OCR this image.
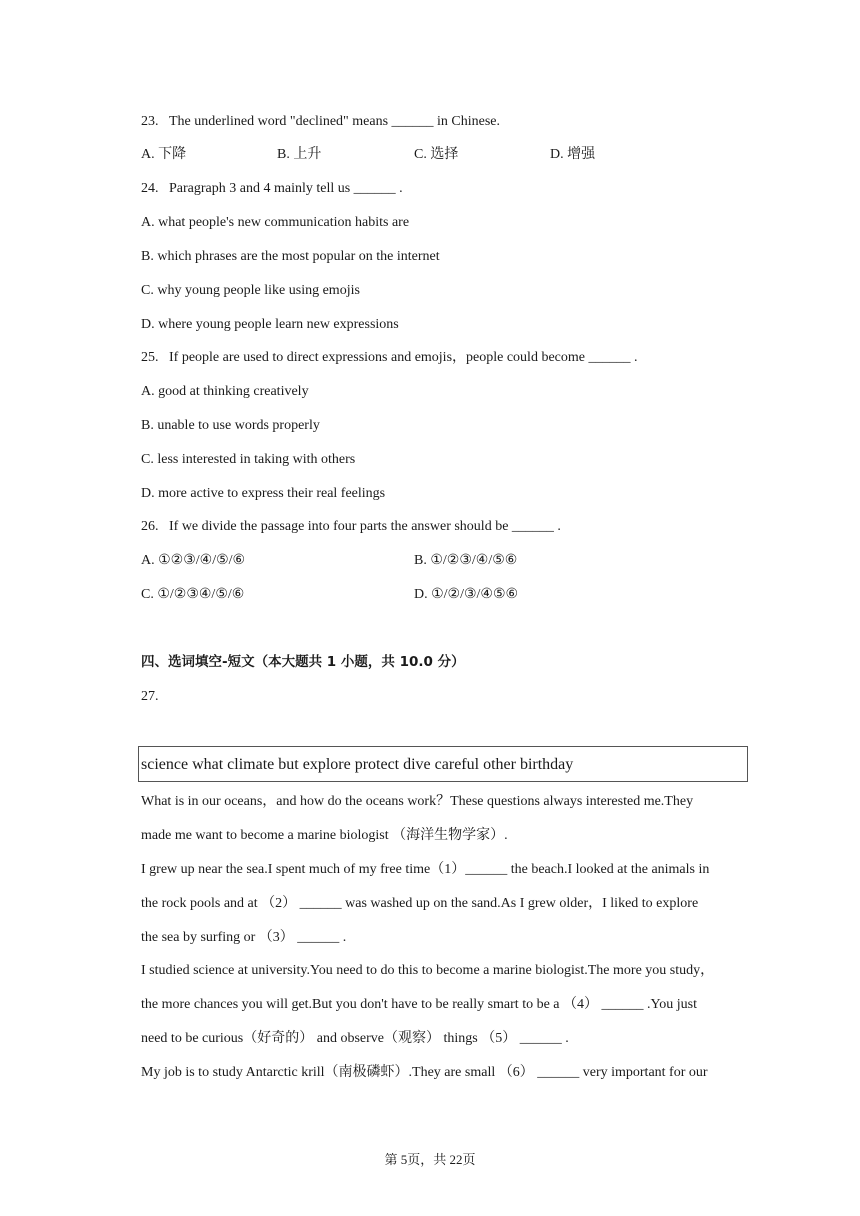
23.   The underlined word "declined" means ______ in Chinese.
A. 下降	B. 上升	C. 选择	D. 增强
24.   Paragraph 3 and 4 mainly tell us ______ .
A. what people's new communication habits are
B. which phrases are the most popular on the internet
C. why young people like using emojis
D. where young people learn new expressions
25.   If people are used to direct expressions and emojis，people could become ______ .
A. good at thinking creatively
B. unable to use words properly
C. less interested in taking with others
D. more active to express their real feelings
26.   If we divide the passage into four parts the answer should be ______ .
A. ①②③/④/⑤/⑥	B. ①/②③/④/⑤⑥
C. ①/②③④/⑤/⑥	D. ①/②/③/④⑤⑥
四、选词填空-短文（本大题共 1 小题，共 10.0 分）
27.
science what climate but explore protect dive careful other birthday
What is in our oceans，and how do the oceans work？These questions always interested me.They
made me want to become a marine biologist （海洋生物学家）.
I grew up near the sea.I spent much of my free time（1）______ the beach.I looked at the animals in
the rock pools and at （2） ______ was washed up on the sand.As I grew older，I liked to explore
the sea by surfing or （3） ______ .
I studied science at university.You need to do this to become a marine biologist.The more you study，
the more chances you will get.But you don't have to be really smart to be a （4） ______ .You just
need to be curious（好奇的） and observe（观察） things （5） ______ .
My job is to study Antarctic krill（南极磷虾）.They are small （6） ______ very important for our
第 5页，共 22页
